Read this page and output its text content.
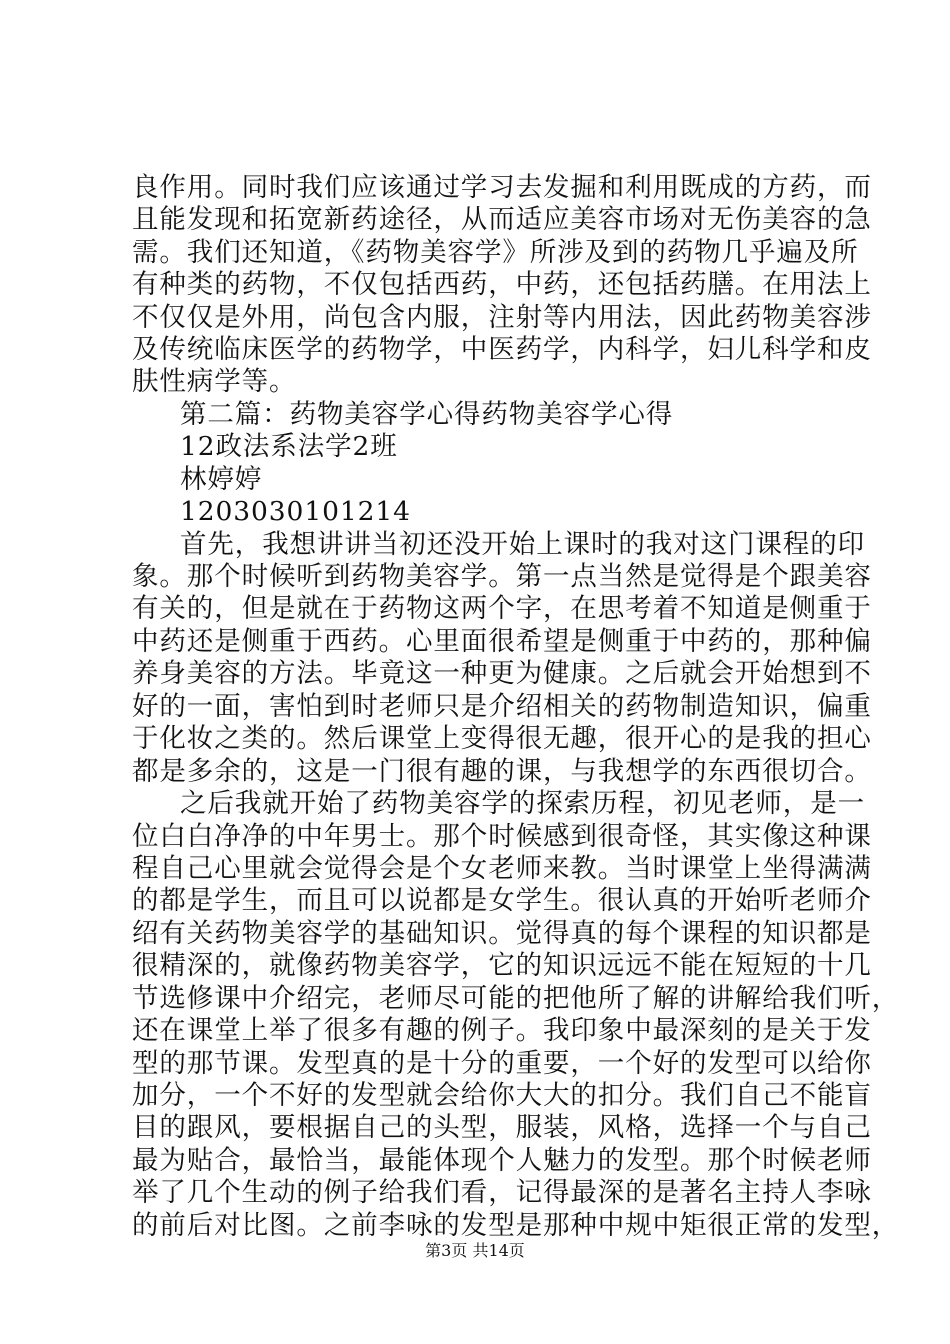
良作用。同时我们应该通过学习去发掘和利用既成的方药，而
且能发现和拓宽新药途径，从而适应美容市场对无伤美容的急
需。我们还知道，《药物美容学》所涉及到的药物几乎遍及所
有种类的药物，不仅包括西药，中药，还包括药膳。在用法上
不仅仅是外用，尚包含内服，注射等内用法，因此药物美容涉
及传统临床医学的药物学，中医药学，内科学，妇儿科学和皮
肤性病学等。
第二篇：药物美容学心得药物美容学心得
12政法系法学2班
林婷婷
1203030101214
首先，我想讲讲当初还没开始上课时的我对这门课程的印
象。那个时候听到药物美容学。第一点当然是觉得是个跟美容
有关的，但是就在于药物这两个字，在思考着不知道是侧重于
中药还是侧重于西药。心里面很希望是侧重于中药的，那种偏
养身美容的方法。毕竟这一种更为健康。之后就会开始想到不
好的一面，害怕到时老师只是介绍相关的药物制造知识，偏重
于化妆之类的。然后课堂上变得很无趣，很开心的是我的担心
都是多余的，这是一门很有趣的课，与我想学的东西很切合。
之后我就开始了药物美容学的探索历程，初见老师，是一
位白白净净的中年男士。那个时候感到很奇怪，其实像这种课
程自己心里就会觉得会是个女老师来教。当时课堂上坐得满满
的都是学生，而且可以说都是女学生。很认真的开始听老师介
绍有关药物美容学的基础知识。觉得真的每个课程的知识都是
很精深的，就像药物美容学，它的知识远远不能在短短的十几
节选修课中介绍完，老师尽可能的把他所了解的讲解给我们听，
还在课堂上举了很多有趣的例子。我印象中最深刻的是关于发
型的那节课。发型真的是十分的重要，一个好的发型可以给你
加分，一个不好的发型就会给你大大的扣分。我们自己不能盲
目的跟风，要根据自己的头型，服装，风格，选择一个与自己
最为贴合，最恰当，最能体现个人魅力的发型。那个时候老师
举了几个生动的例子给我们看，记得最深的是著名主持人李咏
的前后对比图。之前李咏的发型是那种中规中矩很正常的发型，
第3页 共14页
